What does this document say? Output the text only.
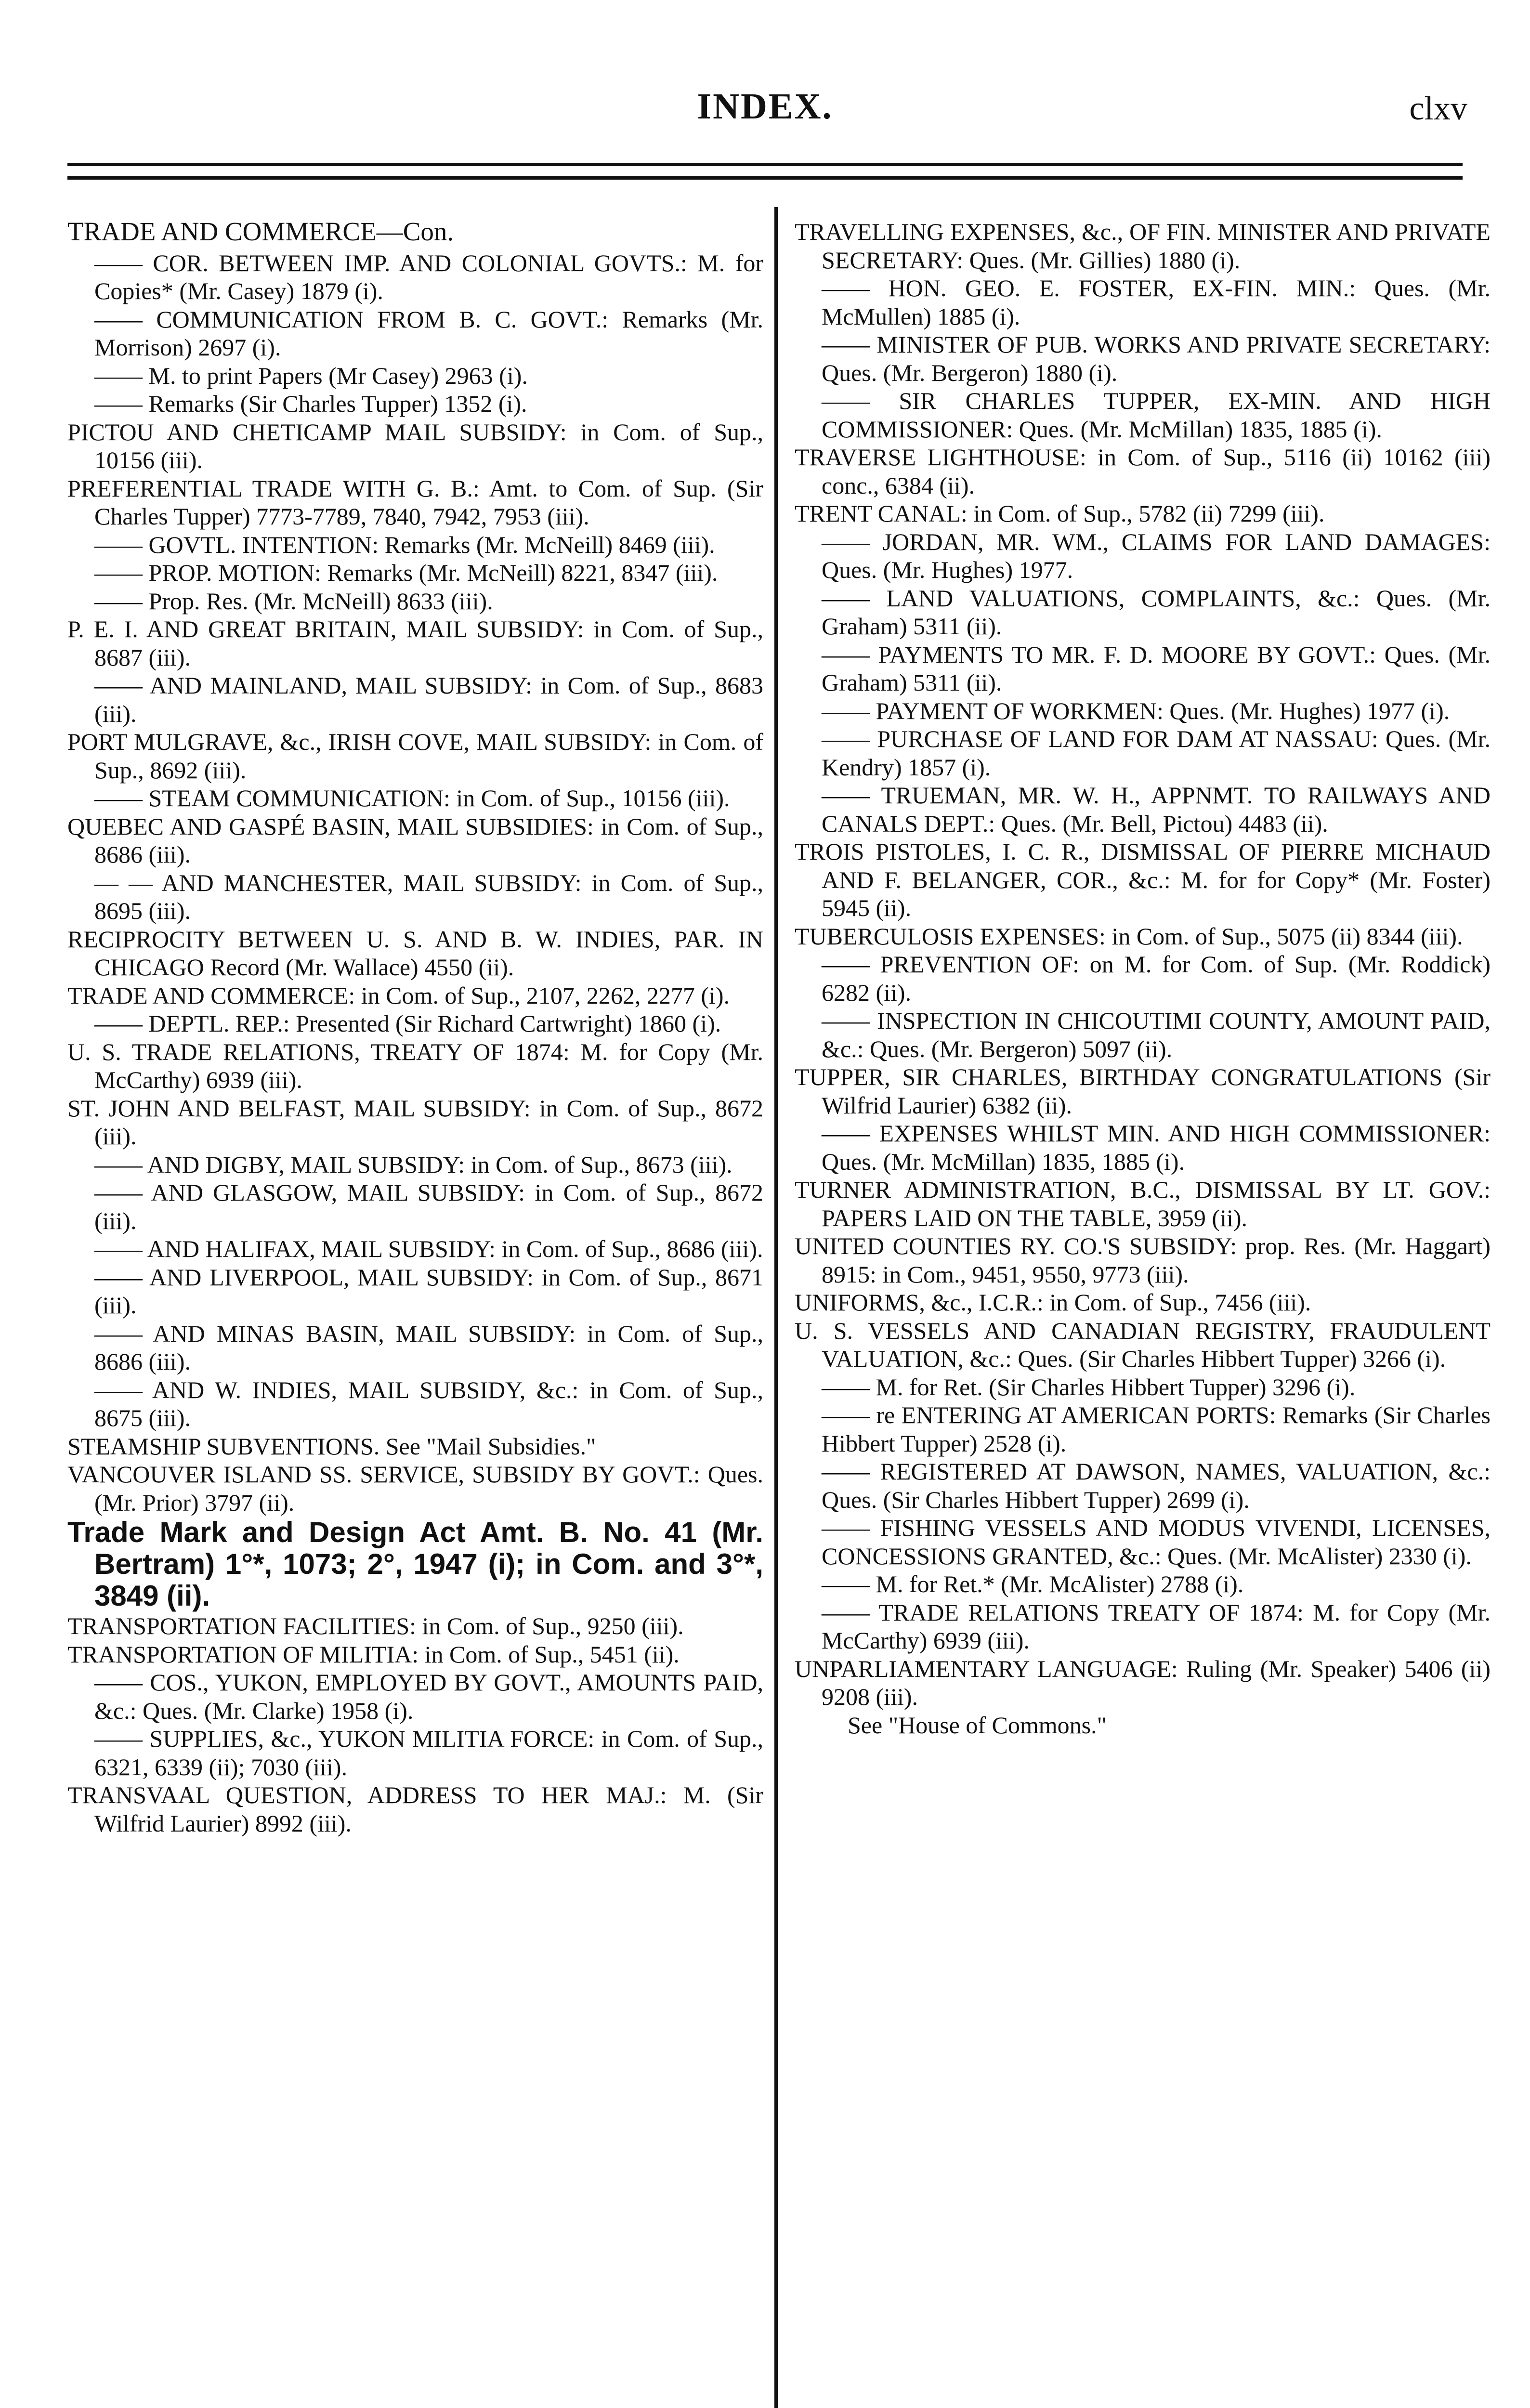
INDEX.	clxv

TRADE AND COMMERCE—Con.

—— COR. BETWEEN IMP. AND COLONIAL GOVTS.: M. for Copies* (Mr. Casey) 1879 (i).

—— COMMUNICATION FROM B. C. GOVT.: Remarks (Mr. Morrison) 2697 (i).

—— M. to print Papers (Mr Casey) 2963 (i).

—— Remarks (Sir Charles Tupper) 1352 (i).

PICTOU AND CHETICAMP MAIL SUBSIDY: in Com. of Sup., 10156 (iii).

PREFERENTIAL TRADE WITH G. B.: Amt. to Com. of Sup. (Sir Charles Tupper) 7773-7789, 7840, 7942, 7953 (iii).

—— GOVTL. INTENTION: Remarks (Mr. McNeill) 8469 (iii).

—— PROP. MOTION: Remarks (Mr. McNeill) 8221, 8347 (iii).

—— Prop. Res. (Mr. McNeill) 8633 (iii).

P. E. I. AND GREAT BRITAIN, MAIL SUBSIDY: in Com. of Sup., 8687 (iii).

—— AND MAINLAND, MAIL SUBSIDY: in Com. of Sup., 8683 (iii).

PORT MULGRAVE, &c., IRISH COVE, MAIL SUBSIDY: in Com. of Sup., 8692 (iii).

—— STEAM COMMUNICATION: in Com. of Sup., 10156 (iii).

QUEBEC AND GASPÉ BASIN, MAIL SUBSIDIES: in Com. of Sup., 8686 (iii).

— — AND MANCHESTER, MAIL SUBSIDY: in Com. of Sup., 8695 (iii).

RECIPROCITY BETWEEN U. S. AND B. W. INDIES, PAR. IN CHICAGO Record (Mr. Wallace) 4550 (ii).

TRADE AND COMMERCE: in Com. of Sup., 2107, 2262, 2277 (i).

—— DEPTL. REP.: Presented (Sir Richard Cartwright) 1860 (i).

U. S. TRADE RELATIONS, TREATY OF 1874: M. for Copy (Mr. McCarthy) 6939 (iii).

ST. JOHN AND BELFAST, MAIL SUBSIDY: in Com. of Sup., 8672 (iii).

—— AND DIGBY, MAIL SUBSIDY: in Com. of Sup., 8673 (iii).

—— AND GLASGOW, MAIL SUBSIDY: in Com. of Sup., 8672 (iii).

—— AND HALIFAX, MAIL SUBSIDY: in Com. of Sup., 8686 (iii).

—— AND LIVERPOOL, MAIL SUBSIDY: in Com. of Sup., 8671 (iii).

—— AND MINAS BASIN, MAIL SUBSIDY: in Com. of Sup., 8686 (iii).

—— AND W. INDIES, MAIL SUBSIDY, &c.: in Com. of Sup., 8675 (iii).

STEAMSHIP SUBVENTIONS. See "Mail Subsidies."

VANCOUVER ISLAND SS. SERVICE, SUBSIDY BY GOVT.: Ques. (Mr. Prior) 3797 (ii).

Trade Mark and Design Act Amt. B. No. 41 (Mr. Bertram) 1°*, 1073; 2°, 1947 (i); in Com. and 3°*, 3849 (ii).

TRANSPORTATION FACILITIES: in Com. of Sup., 9250 (iii).

TRANSPORTATION OF MILITIA: in Com. of Sup., 5451 (ii).

—— COS., YUKON, EMPLOYED BY GOVT., AMOUNTS PAID, &c.: Ques. (Mr. Clarke) 1958 (i).

—— SUPPLIES, &c., YUKON MILITIA FORCE: in Com. of Sup., 6321, 6339 (ii); 7030 (iii).

TRANSVAAL QUESTION, ADDRESS TO HER MAJ.: M. (Sir Wilfrid Laurier) 8992 (iii).

TRAVELLING EXPENSES, &c., OF FIN. MINISTER AND PRIVATE SECRETARY: Ques. (Mr. Gillies) 1880 (i).

—— HON. GEO. E. FOSTER, EX-FIN. MIN.: Ques. (Mr. McMullen) 1885 (i).

—— MINISTER OF PUB. WORKS AND PRIVATE SECRETARY: Ques. (Mr. Bergeron) 1880 (i).

—— SIR CHARLES TUPPER, EX-MIN. AND HIGH COMMISSIONER: Ques. (Mr. McMillan) 1835, 1885 (i).

TRAVERSE LIGHTHOUSE: in Com. of Sup., 5116 (ii) 10162 (iii) conc., 6384 (ii).

TRENT CANAL: in Com. of Sup., 5782 (ii) 7299 (iii).

—— JORDAN, MR. WM., CLAIMS FOR LAND DAMAGES: Ques. (Mr. Hughes) 1977.

—— LAND VALUATIONS, COMPLAINTS, &c.: Ques. (Mr. Graham) 5311 (ii).

—— PAYMENTS TO MR. F. D. MOORE BY GOVT.: Ques. (Mr. Graham) 5311 (ii).

—— PAYMENT OF WORKMEN: Ques. (Mr. Hughes) 1977 (i).

—— PURCHASE OF LAND FOR DAM AT NASSAU: Ques. (Mr. Kendry) 1857 (i).

—— TRUEMAN, MR. W. H., APPNMT. TO RAILWAYS AND CANALS DEPT.: Ques. (Mr. Bell, Pictou) 4483 (ii).

TROIS PISTOLES, I. C. R., DISMISSAL OF PIERRE MICHAUD AND F. BELANGER, COR., &c.: M. for for Copy* (Mr. Foster) 5945 (ii).

TUBERCULOSIS EXPENSES: in Com. of Sup., 5075 (ii) 8344 (iii).

—— PREVENTION OF: on M. for Com. of Sup. (Mr. Roddick) 6282 (ii).

—— INSPECTION IN CHICOUTIMI COUNTY, AMOUNT PAID, &c.: Ques. (Mr. Bergeron) 5097 (ii).

TUPPER, SIR CHARLES, BIRTHDAY CONGRATULATIONS (Sir Wilfrid Laurier) 6382 (ii).

—— EXPENSES WHILST MIN. AND HIGH COMMISSIONER: Ques. (Mr. McMillan) 1835, 1885 (i).

TURNER ADMINISTRATION, B.C., DISMISSAL BY LT. GOV.: PAPERS LAID ON THE TABLE, 3959 (ii).

UNITED COUNTIES RY. CO.'S SUBSIDY: prop. Res. (Mr. Haggart) 8915: in Com., 9451, 9550, 9773 (iii).

UNIFORMS, &c., I.C.R.: in Com. of Sup., 7456 (iii).

U. S. VESSELS AND CANADIAN REGISTRY, FRAUDULENT VALUATION, &c.: Ques. (Sir Charles Hibbert Tupper) 3266 (i).

—— M. for Ret. (Sir Charles Hibbert Tupper) 3296 (i).

—— re ENTERING AT AMERICAN PORTS: Remarks (Sir Charles Hibbert Tupper) 2528 (i).

—— REGISTERED AT DAWSON, NAMES, VALUATION, &c.: Ques. (Sir Charles Hibbert Tupper) 2699 (i).

—— FISHING VESSELS AND MODUS VIVENDI, LICENSES, CONCESSIONS GRANTED, &c.: Ques. (Mr. McAlister) 2330 (i).

—— M. for Ret.* (Mr. McAlister) 2788 (i).

—— TRADE RELATIONS TREATY OF 1874: M. for Copy (Mr. McCarthy) 6939 (iii).

UNPARLIAMENTARY LANGUAGE: Ruling (Mr. Speaker) 5406 (ii) 9208 (iii).

See "House of Commons."
